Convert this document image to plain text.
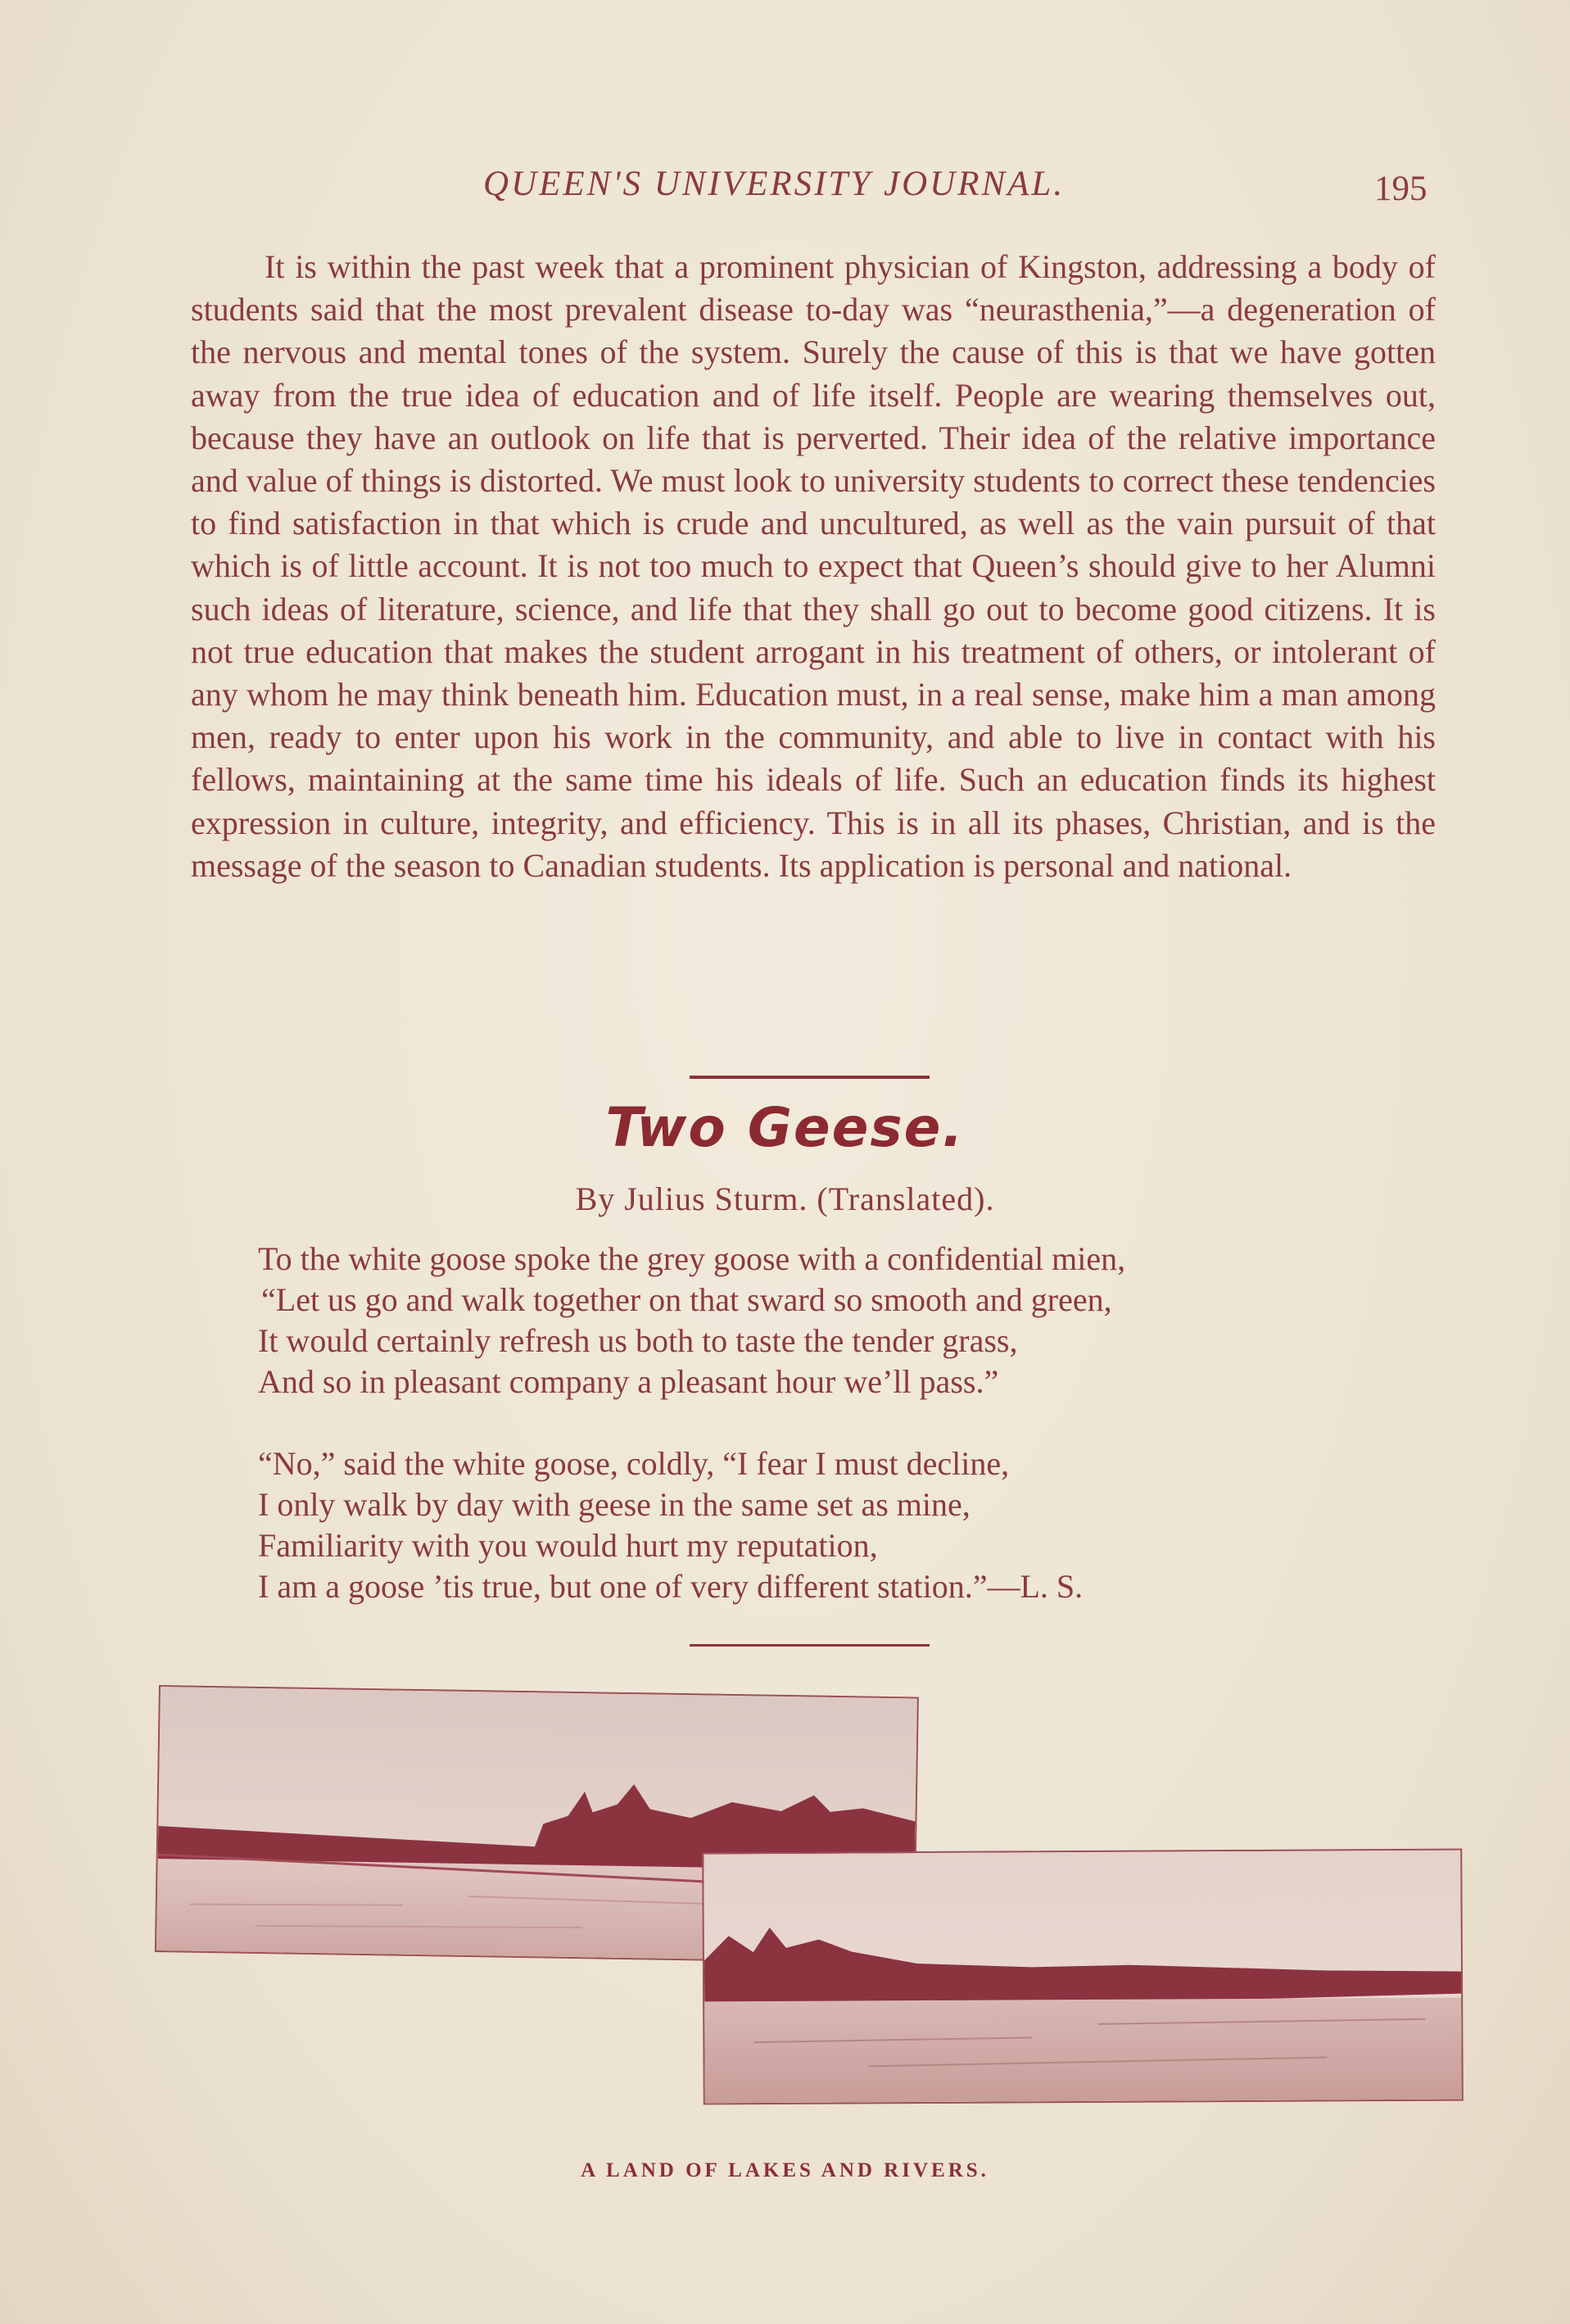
QUEEN'S UNIVERSITY JOURNAL.	195

It is within the past week that a prominent physician of Kingston, addressing a body of students said that the most prevalent disease to-day was “neurasthenia,”—a degeneration of the nervous and mental tones of the system. Surely the cause of this is that we have gotten away from the true idea of education and of life itself. People are wearing themselves out, because they have an outlook on life that is perverted. Their idea of the relative importance and value of things is distorted. We must look to university students to correct these tendencies to find satisfaction in that which is crude and uncultured, as well as the vain pursuit of that which is of little account. It is not too much to expect that Queen’s should give to her Alumni such ideas of literature, science, and life that they shall go out to become good citizens. It is not true education that makes the student arrogant in his treatment of others, or intolerant of any whom he may think beneath him. Education must, in a real sense, make him a man among men, ready to enter upon his work in the community, and able to live in contact with his fellows, maintaining at the same time his ideals of life. Such an education finds its highest expression in culture, integrity, and efficiency. This is in all its phases, Christian, and is the message of the season to Canadian students. Its application is personal and national.

Two Geese.
By Julius Sturm. (Translated).
To the white goose spoke the grey goose with a confidential mien,
“Let us go and walk together on that sward so smooth and green,
It would certainly refresh us both to taste the tender grass,
And so in pleasant company a pleasant hour we’ll pass.”
“No,” said the white goose, coldly, “I fear I must decline,
I only walk by day with geese in the same set as mine,
Familiarity with you would hurt my reputation,
I am a goose ’tis true, but one of very different station.”—L. S.
A LAND OF LAKES AND RIVERS.
